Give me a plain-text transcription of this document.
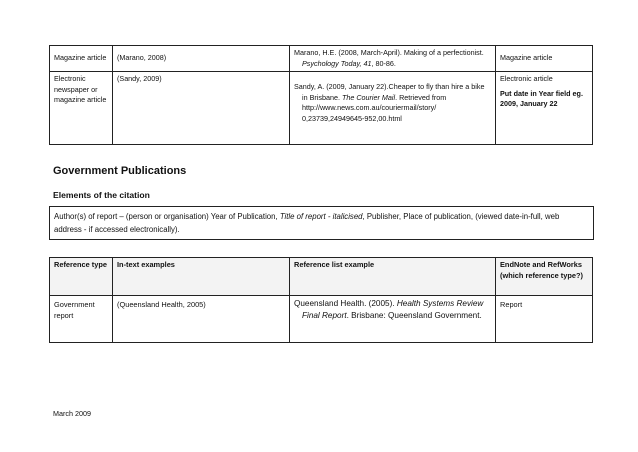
Magazine article	(Marano, 2008)	Marano, H.E. (2008, March-April). Making of a perfectionist. Psychology Today, 41, 80-86.	Magazine article
Electronic newspaper or magazine article	(Sandy, 2009)	Sandy, A. (2009, January 22).Cheaper to fly than hire a bike in Brisbane. The Courier Mail. Retrieved from http://www.news.com.au/couriermail/story/ 0,23739,24949645-952,00.html	Electronic article
Put date in Year field eg. 2009, January 22
Government Publications
Elements of the citation
Author(s) of report – (person or organisation) Year of Publication, Title of report - italicised, Publisher, Place of publication, (viewed date-in-full, web address - if accessed electronically).
Reference type	In-text examples	Reference list example	EndNote and RefWorks (which reference type?)
Government report	(Queensland Health, 2005)	Queensland Health. (2005). Health Systems Review Final Report. Brisbane: Queensland Government.	Report
March 2009
